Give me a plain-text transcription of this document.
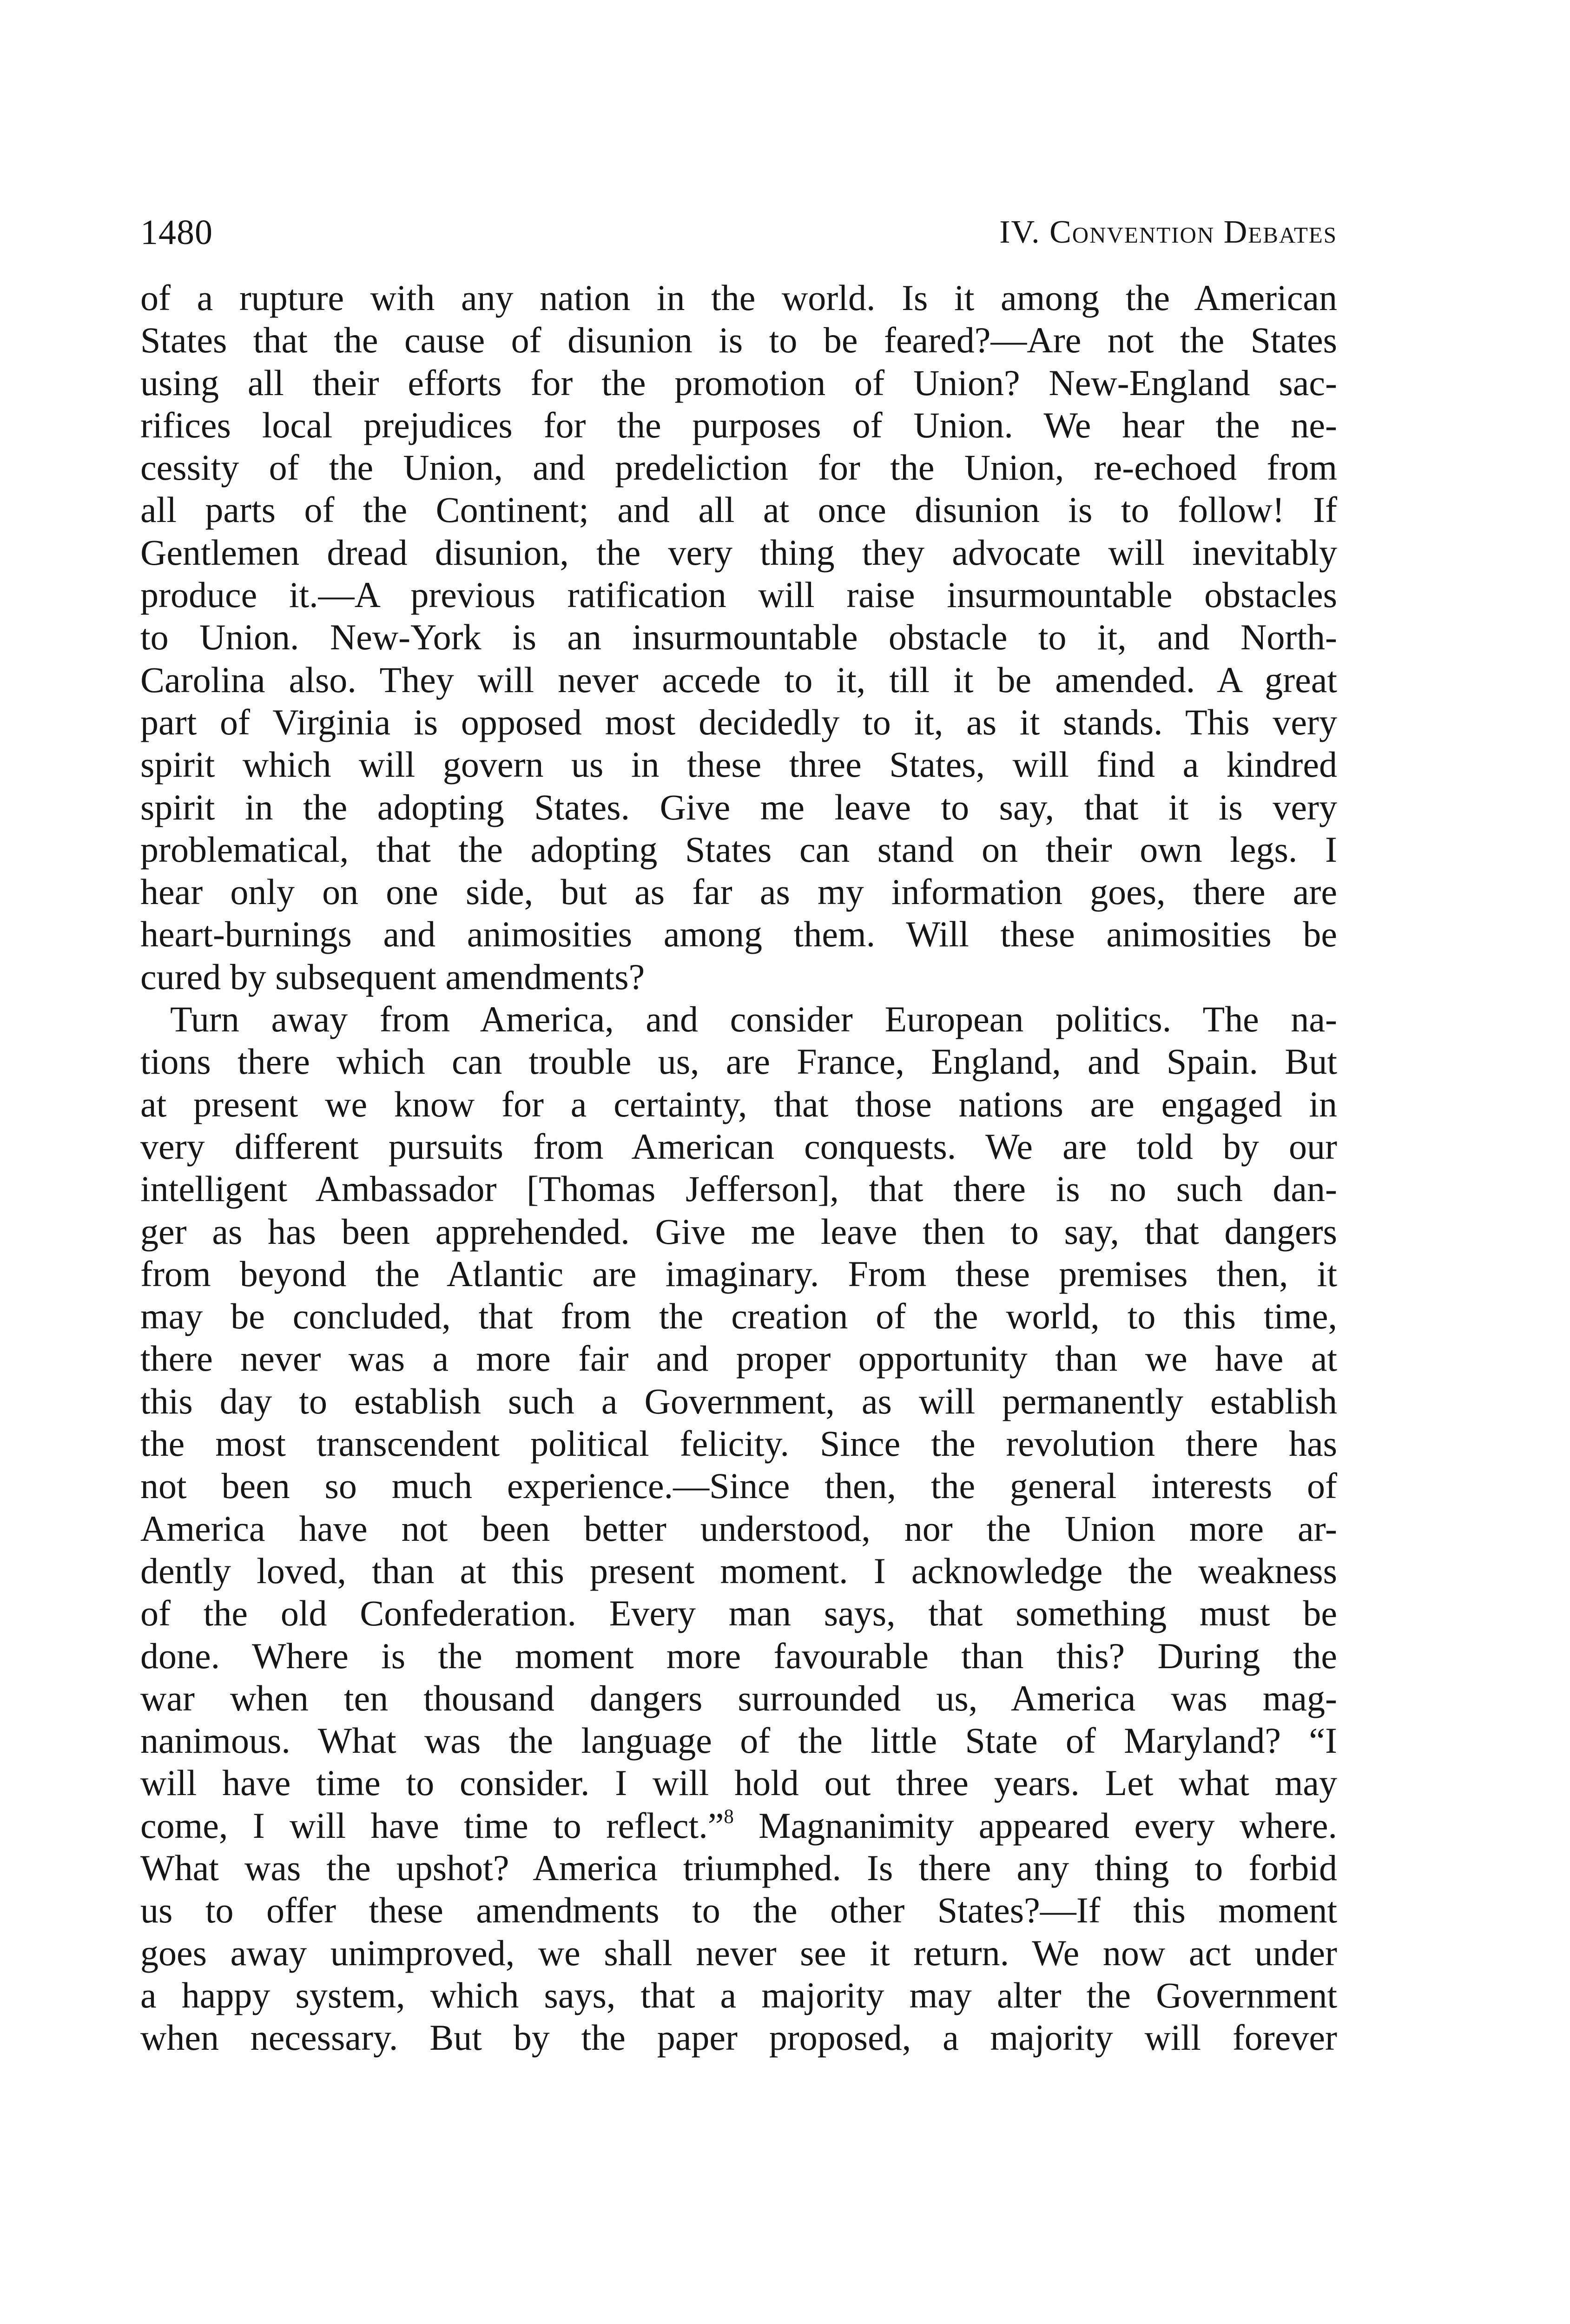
1480	IV. Convention Debates
of a rupture with any nation in the world. Is it among the American
States that the cause of disunion is to be feared?—Are not the States
using all their efforts for the promotion of Union? New-England sac-
rifices local prejudices for the purposes of Union. We hear the ne-
cessity of the Union, and predeliction for the Union, re-echoed from
all parts of the Continent; and all at once disunion is to follow! If
Gentlemen dread disunion, the very thing they advocate will inevitably
produce it.—A previous ratification will raise insurmountable obstacles
to Union. New-York is an insurmountable obstacle to it, and North-
Carolina also. They will never accede to it, till it be amended. A great
part of Virginia is opposed most decidedly to it, as it stands. This very
spirit which will govern us in these three States, will find a kindred
spirit in the adopting States. Give me leave to say, that it is very
problematical, that the adopting States can stand on their own legs. I
hear only on one side, but as far as my information goes, there are
heart-burnings and animosities among them. Will these animosities be
cured by subsequent amendments?
Turn away from America, and consider European politics. The na-
tions there which can trouble us, are France, England, and Spain. But
at present we know for a certainty, that those nations are engaged in
very different pursuits from American conquests. We are told by our
intelligent Ambassador [Thomas Jefferson], that there is no such dan-
ger as has been apprehended. Give me leave then to say, that dangers
from beyond the Atlantic are imaginary. From these premises then, it
may be concluded, that from the creation of the world, to this time,
there never was a more fair and proper opportunity than we have at
this day to establish such a Government, as will permanently establish
the most transcendent political felicity. Since the revolution there has
not been so much experience.—Since then, the general interests of
America have not been better understood, nor the Union more ar-
dently loved, than at this present moment. I acknowledge the weakness
of the old Confederation. Every man says, that something must be
done. Where is the moment more favourable than this? During the
war when ten thousand dangers surrounded us, America was mag-
nanimous. What was the language of the little State of Maryland? “I
will have time to consider. I will hold out three years. Let what may
come, I will have time to reflect.”$^8$ Magnanimity appeared every where.
What was the upshot? America triumphed. Is there any thing to forbid
us to offer these amendments to the other States?—If this moment
goes away unimproved, we shall never see it return. We now act under
a happy system, which says, that a majority may alter the Government
when necessary. But by the paper proposed, a majority will forever
